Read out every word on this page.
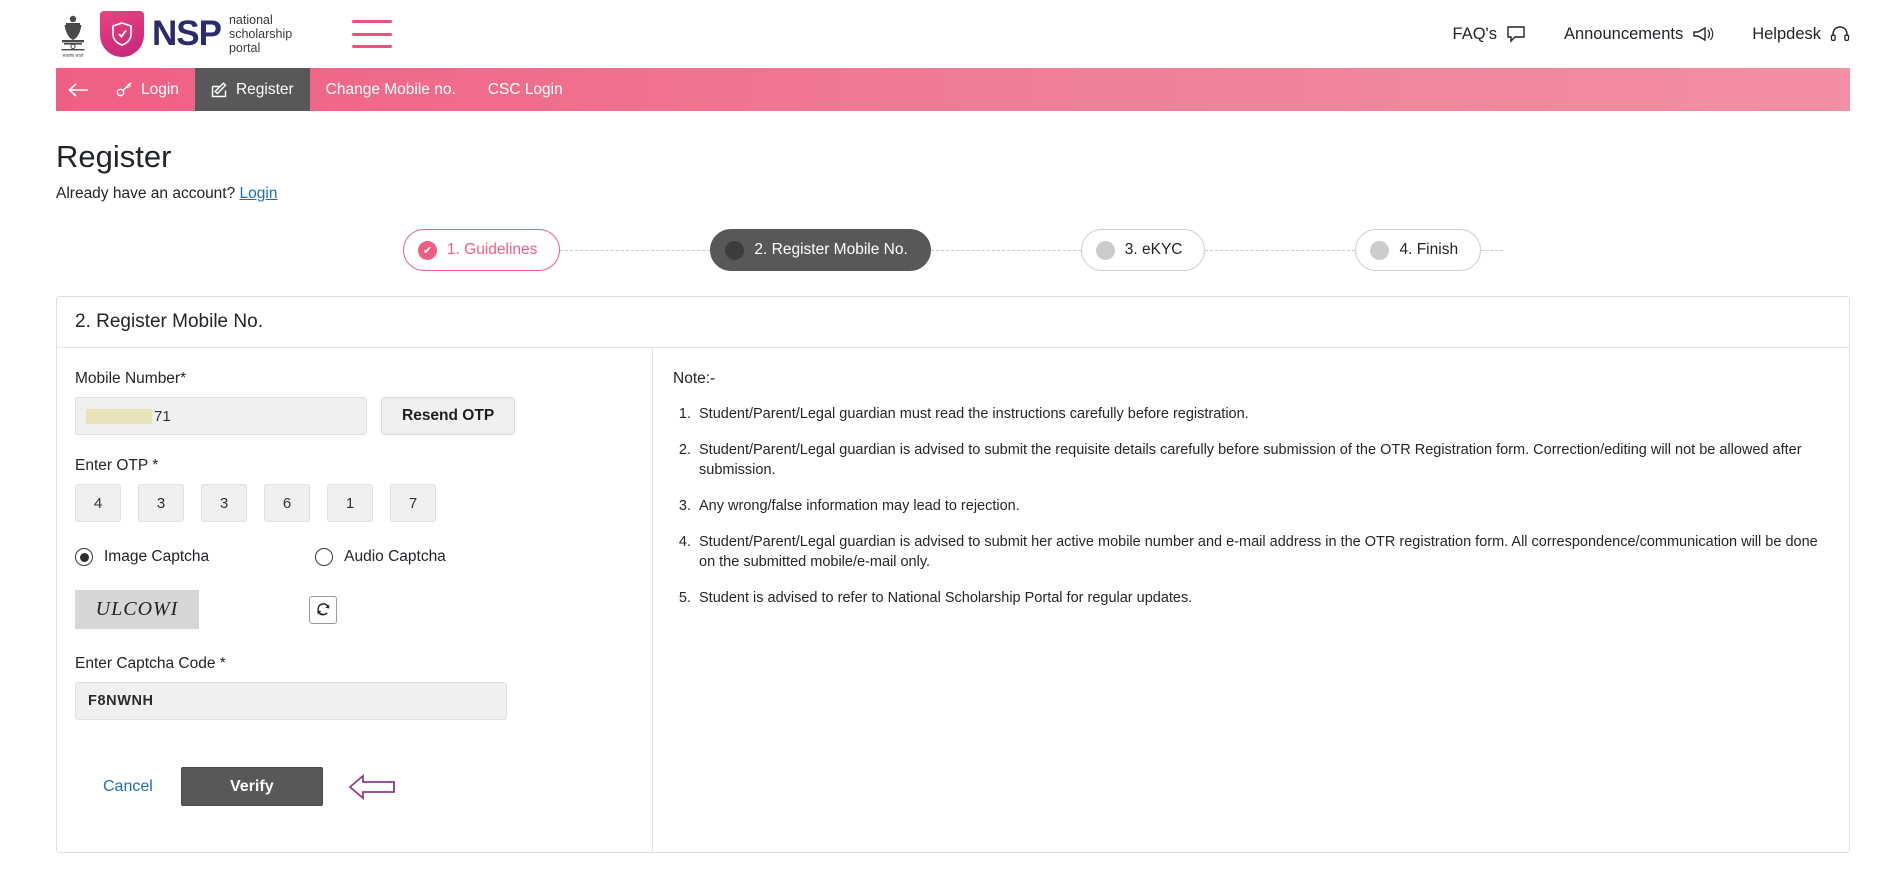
सत्यमेव जयते
NSP national
scholarship
portal
FAQ's	Announcements	Helpdesk
Login	Register Change Mobile no. CSC Login
Register
Already have an account? Login
✔ 1. Guidelines	2. Register Mobile No.	3. eKYC	4. Finish
2. Register Mobile No.
Mobile Number*
71	Resend OTP
Enter OTP *
4	3	3	6	1	7
Image Captcha	Audio Captcha
ULCOWI
Enter Captcha Code *
F8NWNH
Cancel	Verify
Note:-
1. Student/Parent/Legal guardian must read the instructions carefully before registration.
2. Student/Parent/Legal guardian is advised to submit the requisite details carefully before submission of the OTR Registration form. Correction/editing will not be allowed after submission.
3. Any wrong/false information may lead to rejection.
4. Student/Parent/Legal guardian is advised to submit her active mobile number and e-mail address in the OTR registration form. All correspondence/communication will be done on the submitted mobile/e-mail only.
5. Student is advised to refer to National Scholarship Portal for regular updates.
